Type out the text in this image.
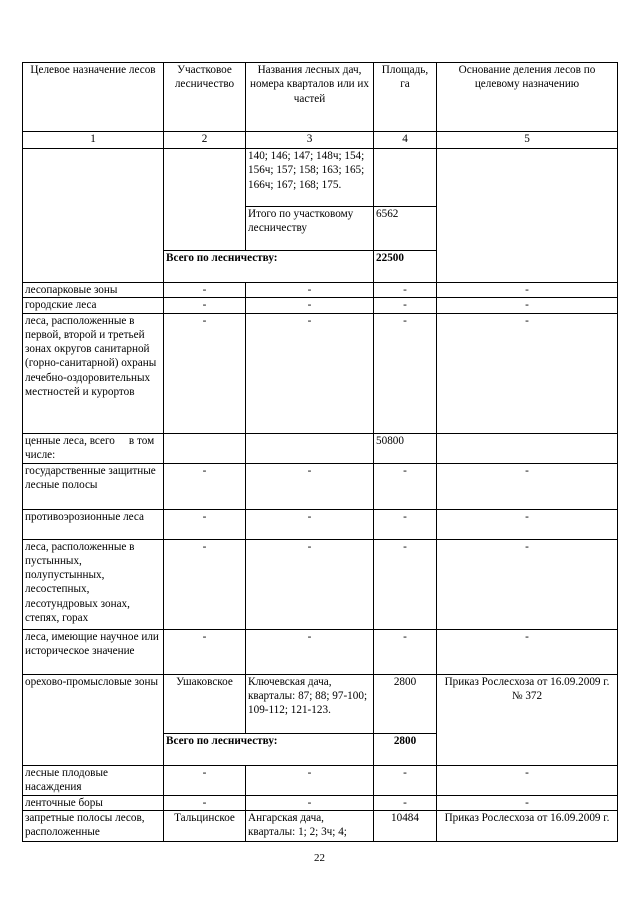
Целевое назначение лесов	Участковое лесничество	Названия лесных дач, номера кварталов или их частей	Площадь, га	Основание деления лесов по целевому назначению
1	2	3	4	5
		140; 146; 147; 148ч; 154; 156ч; 157; 158; 163; 165; 166ч; 167; 168; 175.		
		Итого по участковому лесничеству	6562	
	Всего по лесничеству:		22500	
лесопарковые зоны	-	-	-	-
городские леса	-	-	-	-
леса, расположенные в первой, второй и третьей зонах округов санитарной (горно-санитарной) охраны лечебно-оздоровительных местностей и курортов	-	-	-	-
ценные леса, всего     в том числе:			50800	
государственные защитные лесные полосы	-	-	-	-
противоэрозионные леса	-	-	-	-
леса, расположенные в пустынных, полупустынных, лесостепных, лесотундровых зонах, степях, горах	-	-	-	-
леса, имеющие научное или историческое значение	-	-	-	-
орехово-промысловые зоны	Ушаковское	Ключевская дача, кварталы: 87; 88; 97-100; 109-112; 121-123.	2800	Приказ Рослесхоза от 16.09.2009 г. № 372
	Всего по лесничеству:		2800	
лесные плодовые насаждения	-	-	-	-
ленточные боры	-	-	-	-
запретные полосы лесов, расположенные	Тальцинское	Ангарская дача, кварталы: 1; 2; 3ч; 4;	10484	Приказ Рослесхоза от 16.09.2009 г.
22
